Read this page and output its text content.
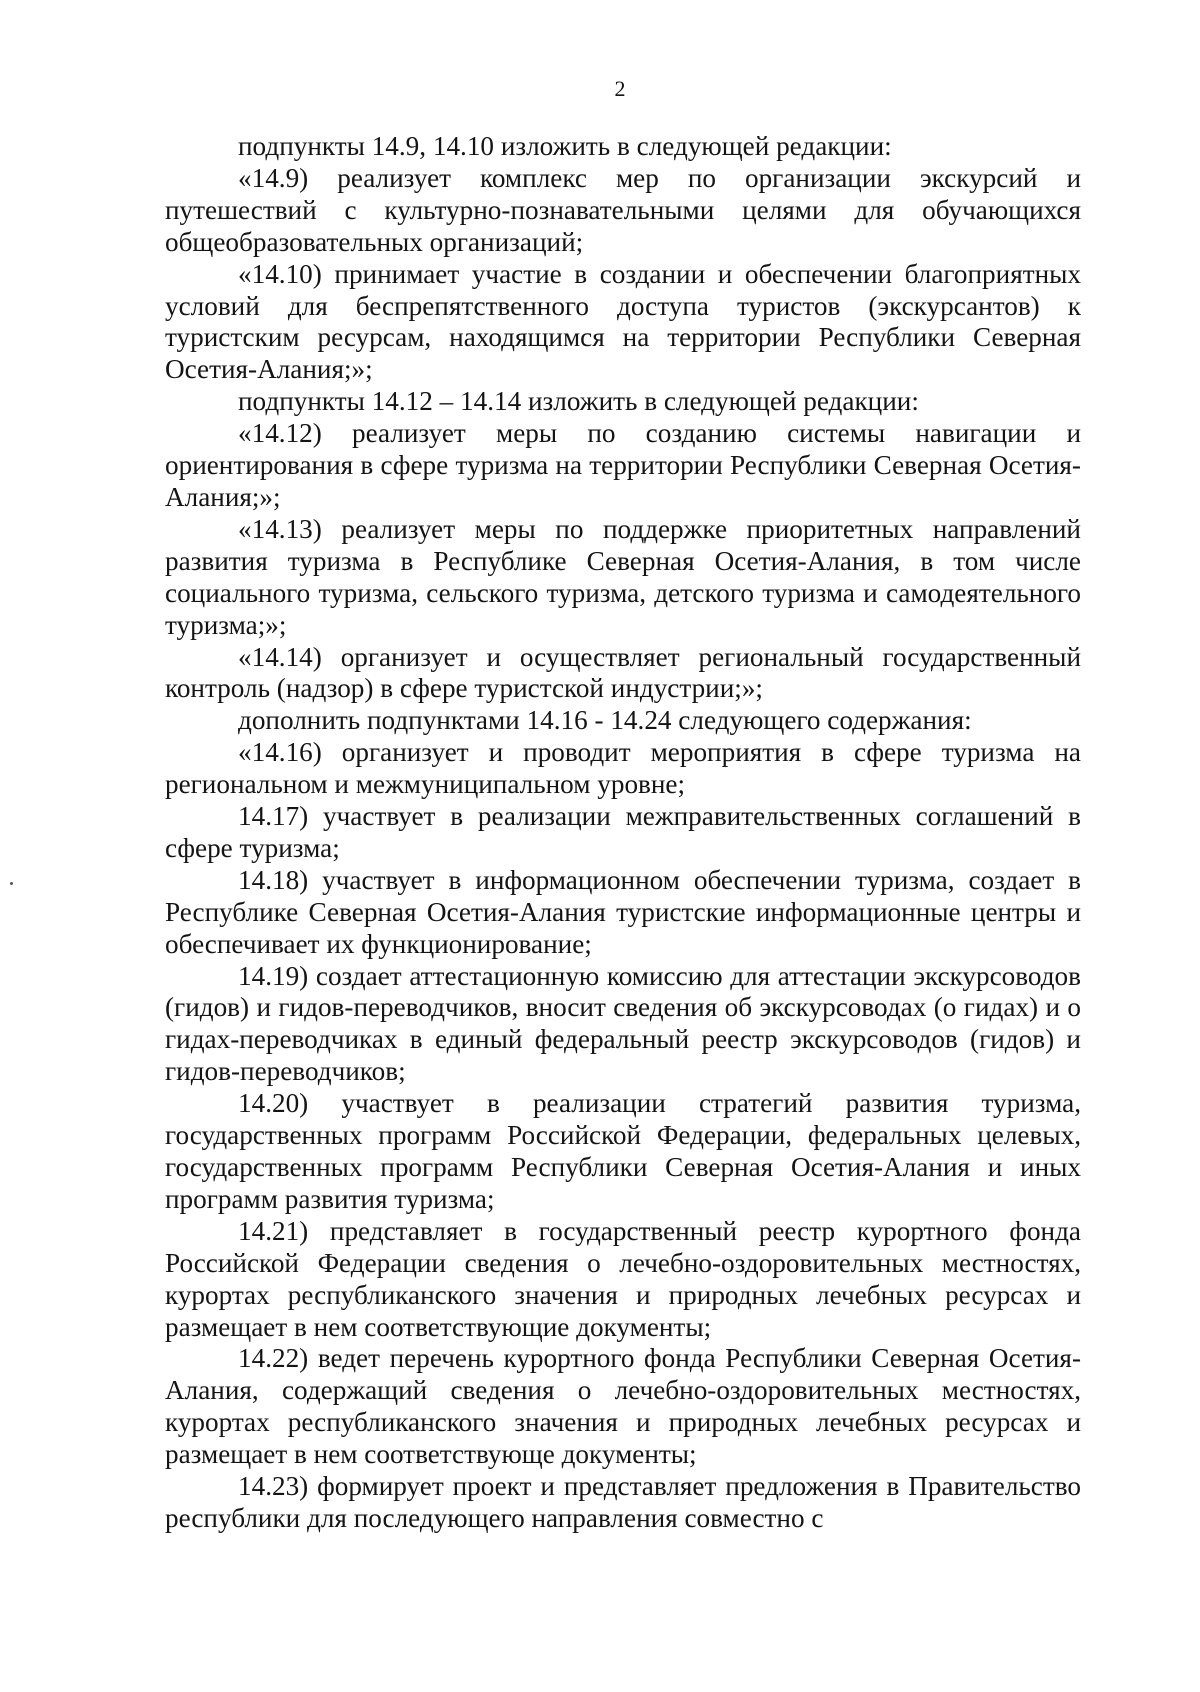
2

подпункты 14.9, 14.10 изложить в следующей редакции:

«14.9) реализует комплекс мер по организации экскурсий и путешествий с культурно-познавательными целями для обучающихся общеобразовательных организаций;

«14.10) принимает участие в создании и обеспечении благоприятных условий для беспрепятственного доступа туристов (экскурсантов) к туристским ресурсам, находящимся на территории Республики Северная Осетия-Алания;»;

подпункты 14.12 – 14.14 изложить в следующей редакции:

«14.12) реализует меры по созданию системы навигации и ориентирования в сфере туризма на территории Республики Северная Осетия-Алания;»;

«14.13) реализует меры по поддержке приоритетных направлений развития туризма в Республике Северная Осетия-Алания, в том числе социального туризма, сельского туризма, детского туризма и самодеятельного туризма;»;

«14.14) организует и осуществляет региональный государственный контроль (надзор) в сфере туристской индустрии;»;

дополнить подпунктами 14.16 - 14.24 следующего содержания:

«14.16) организует и проводит мероприятия в сфере туризма на региональном и межмуниципальном уровне;

14.17) участвует в реализации межправительственных соглашений в сфере туризма;

14.18) участвует в информационном обеспечении туризма, создает в Республике Северная Осетия-Алания туристские информационные центры и обеспечивает их функционирование;

14.19) создает аттестационную комиссию для аттестации экскурсоводов (гидов) и гидов-переводчиков, вносит сведения об экскурсоводах (о гидах) и о гидах-переводчиках в единый федеральный реестр экскурсоводов (гидов) и гидов-переводчиков;

14.20) участвует в реализации стратегий развития туризма, государственных программ Российской Федерации, федеральных целевых, государственных программ Республики Северная Осетия-Алания и иных программ развития туризма;

14.21) представляет в государственный реестр курортного фонда Российской Федерации сведения о лечебно-оздоровительных местностях, курортах республиканского значения и природных лечебных ресурсах и размещает в нем соответствующие документы;

14.22) ведет перечень курортного фонда Республики Северная Осетия-Алания, содержащий сведения о лечебно-оздоровительных местностях, курортах республиканского значения и природных лечебных ресурсах и размещает в нем соответствующе документы;

14.23) формирует проект и представляет предложения в Правительство республики для последующего направления совместно с
